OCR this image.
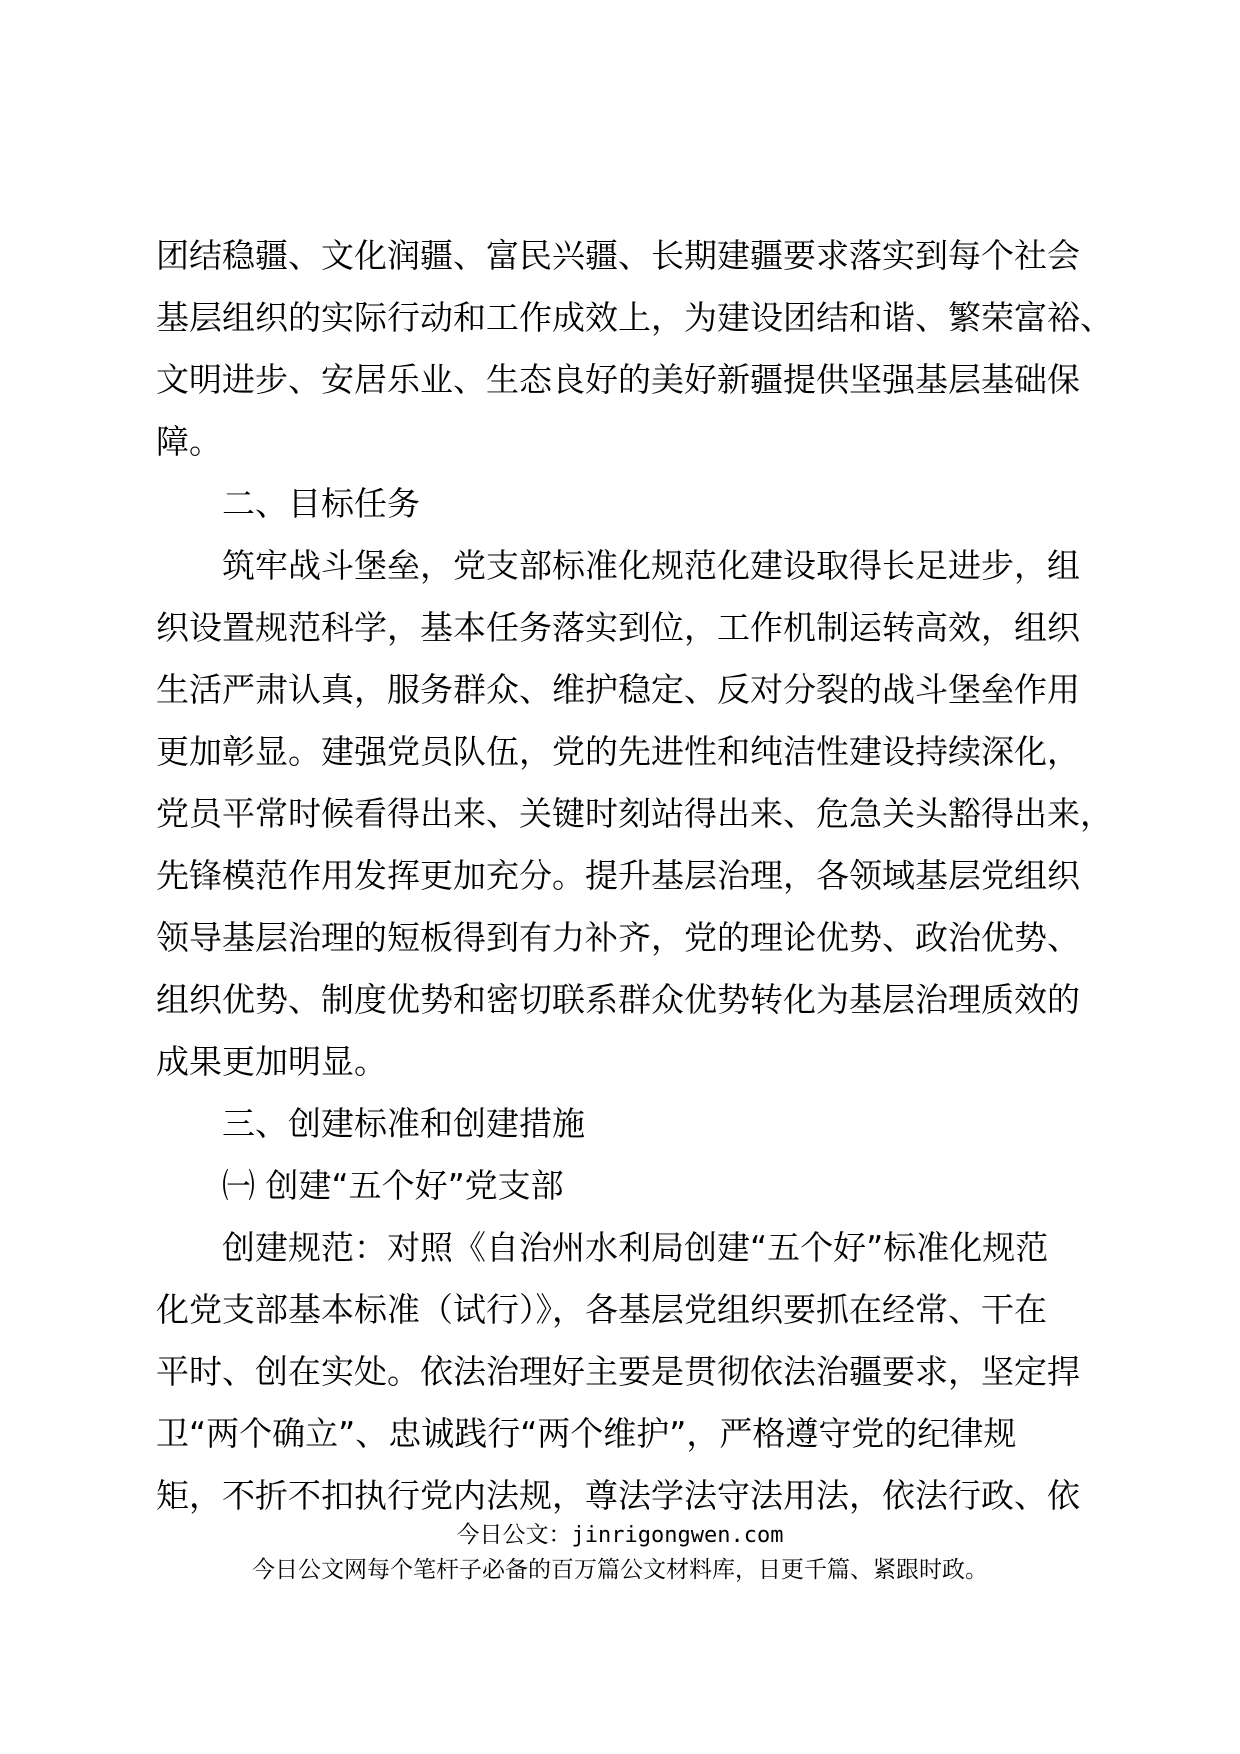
团结稳疆、文化润疆、富民兴疆、长期建疆要求落实到每个社会
基层组织的实际行动和工作成效上，为建设团结和谐、繁荣富裕、
文明进步、安居乐业、生态良好的美好新疆提供坚强基层基础保
障。
二、目标任务
筑牢战斗堡垒，党支部标准化规范化建设取得长足进步，组
织设置规范科学，基本任务落实到位，工作机制运转高效，组织
生活严肃认真，服务群众、维护稳定、反对分裂的战斗堡垒作用
更加彰显。建强党员队伍，党的先进性和纯洁性建设持续深化，
党员平常时候看得出来、关键时刻站得出来、危急关头豁得出来，
先锋模范作用发挥更加充分。提升基层治理，各领域基层党组织
领导基层治理的短板得到有力补齐，党的理论优势、政治优势、
组织优势、制度优势和密切联系群众优势转化为基层治理质效的
成果更加明显。
三、创建标准和创建措施
㈠ 创建“五个好”党支部
创建规范：对照《自治州水利局创建“五个好”标准化规范
化党支部基本标准（试行）》，各基层党组织要抓在经常、干在
平时、创在实处。依法治理好主要是贯彻依法治疆要求，坚定捍
卫“两个确立”、忠诚践行“两个维护”，严格遵守党的纪律规
矩，不折不扣执行党内法规，尊法学法守法用法，依法行政、依
今日公文：jinrigongwen.com
今日公文网每个笔杆子必备的百万篇公文材料库，日更千篇、紧跟时政。
